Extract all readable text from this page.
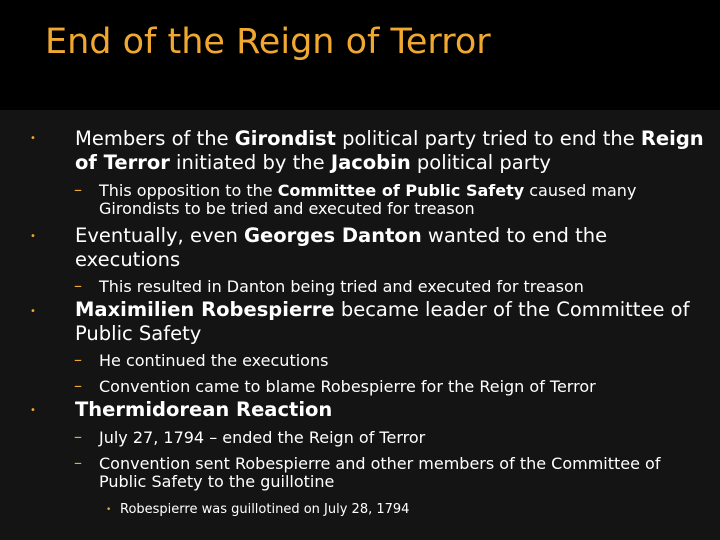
End of the Reign of Terror
• Members of the Girondist political party tried to end the Reign of Terror initiated by the Jacobin political party

– This opposition to the Committee of Public Safety caused many Girondists to be tried and executed for treason

• Eventually, even Georges Danton wanted to end the executions

– This resulted in Danton being tried and executed for treason

• Maximilien Robespierre became leader of the Committee of Public Safety

– He continued the executions

– Convention came to blame Robespierre for the Reign of Terror

• Thermidorean Reaction

– July 27, 1794 – ended the Reign of Terror

– Convention sent Robespierre and other members of the Committee of Public Safety to the guillotine

• Robespierre was guillotined on July 28, 1794
